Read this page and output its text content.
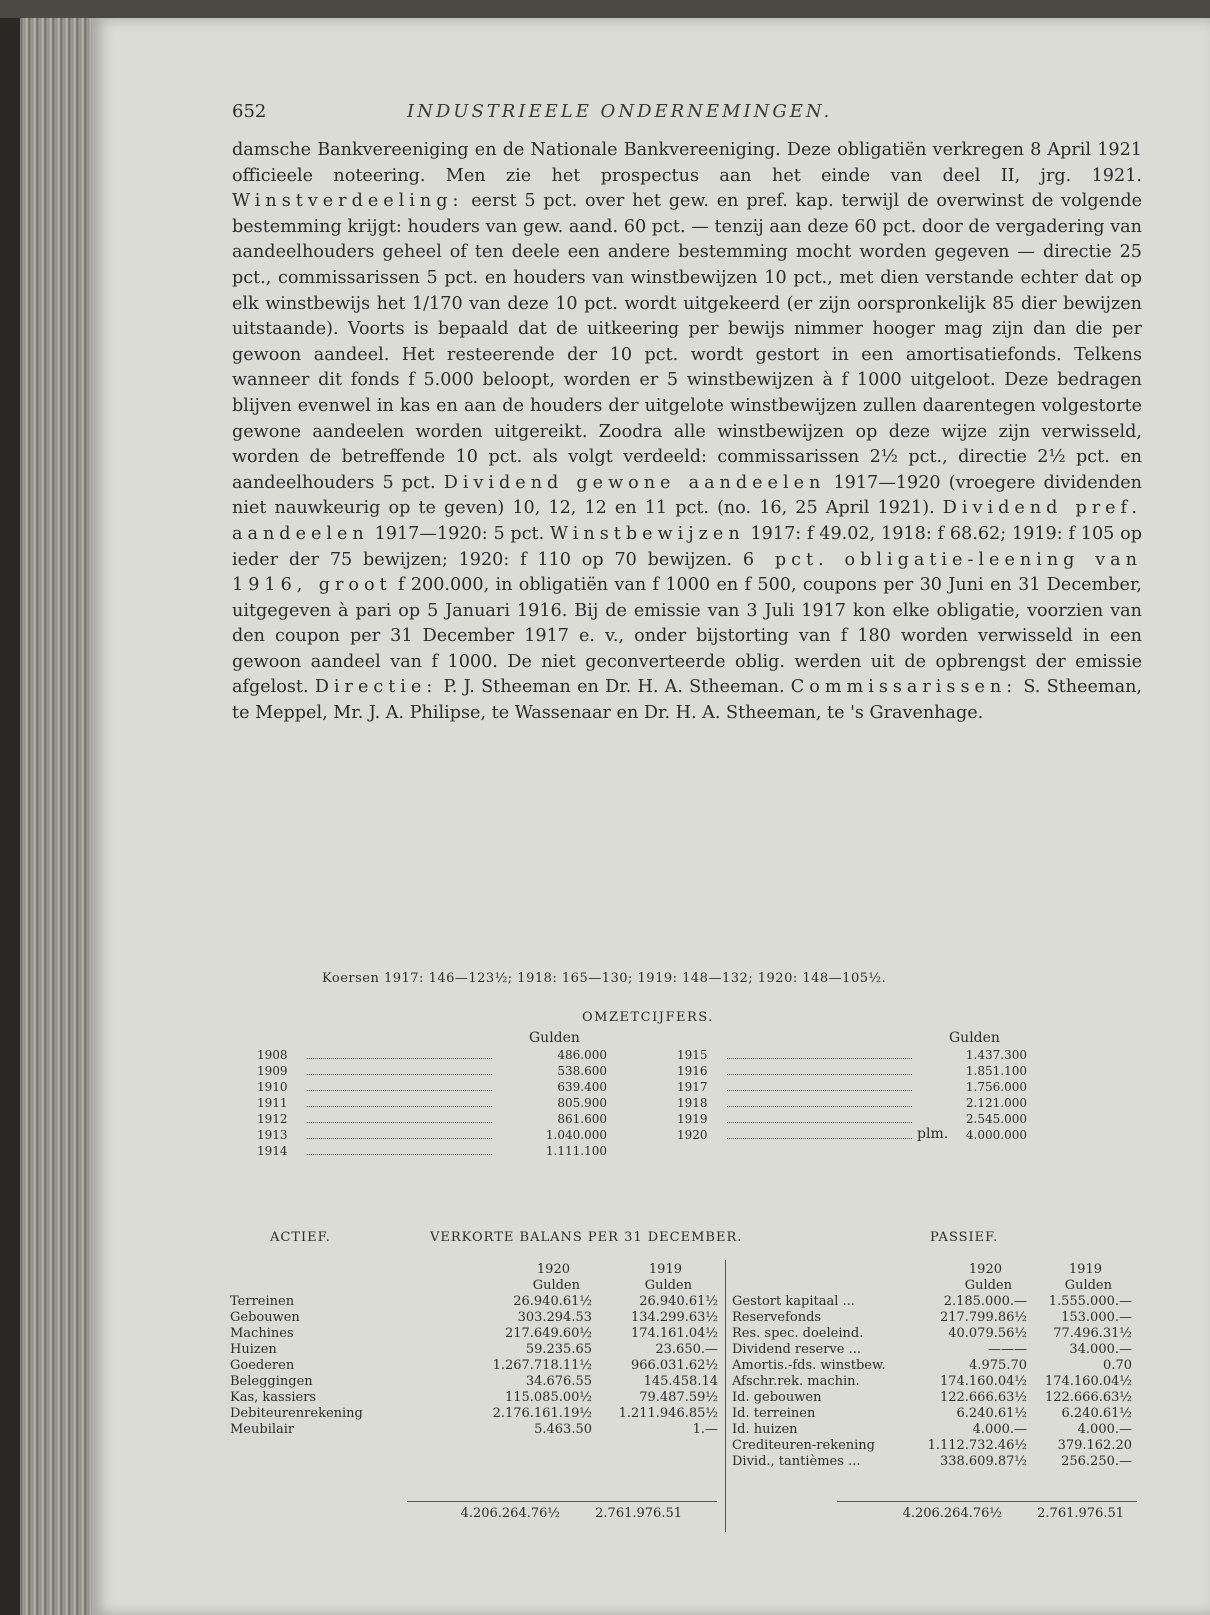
652	INDUSTRIEELE ONDERNEMINGEN.

damsche Bankvereeniging en de Nationale Bankvereeniging. Deze obligatiën verkregen 8 April 1921 officieele noteering. Men zie het prospectus aan het einde van deel II, jrg. 1921. Winstverdeeling: eerst 5 pct. over het gew. en pref. kap. terwijl de overwinst de volgende bestemming krijgt: houders van gew. aand. 60 pct. — tenzij aan deze 60 pct. door de vergadering van aandeelhouders geheel of ten deele een andere bestemming mocht worden gegeven — directie 25 pct., commissarissen 5 pct. en houders van winstbewijzen 10 pct., met dien verstande echter dat op elk winstbewijs het 1/170 van deze 10 pct. wordt uitgekeerd (er zijn oorspronkelijk 85 dier bewijzen uitstaande). Voorts is bepaald dat de uitkeering per bewijs nimmer hooger mag zijn dan die per gewoon aandeel. Het resteerende der 10 pct. wordt gestort in een amortisatiefonds. Telkens wanneer dit fonds f 5.000 beloopt, worden er 5 winstbewijzen à f 1000 uitgeloot. Deze bedragen blijven evenwel in kas en aan de houders der uitgelote winstbewijzen zullen daarentegen volgestorte gewone aandeelen worden uitgereikt. Zoodra alle winstbewijzen op deze wijze zijn verwisseld, worden de betreffende 10 pct. als volgt verdeeld: commissarissen 2½ pct., directie 2½ pct. en aandeelhouders 5 pct. Dividend gewone aandeelen 1917—1920 (vroegere dividenden niet nauwkeurig op te geven) 10, 12, 12 en 11 pct. (no. 16, 25 April 1921). Dividend pref. aandeelen 1917—1920: 5 pct. Winstbewijzen 1917: f 49.02, 1918: f 68.62; 1919: f 105 op ieder der 75 bewijzen; 1920: f 110 op 70 bewijzen. 6 pct. obligatie-leening van 1916, groot f 200.000, in obligatiën van f 1000 en f 500, coupons per 30 Juni en 31 December, uitgegeven à pari op 5 Januari 1916. Bij de emissie van 3 Juli 1917 kon elke obligatie, voorzien van den coupon per 31 December 1917 e. v., onder bijstorting van f 180 worden verwisseld in een gewoon aandeel van f 1000. De niet geconverteerde oblig. werden uit de opbrengst der emissie afgelost. Directie: P. J. Stheeman en Dr. H. A. Stheeman. Commissarissen: S. Stheeman, te Meppel, Mr. J. A. Philipse, te Wassenaar en Dr. H. A. Stheeman, te 's Gravenhage.

Koersen 1917: 146—123½; 1918: 165—130; 1919: 148—132; 1920: 148—105½.
OMZETCIJFERS.
Gulden
1908	486.000
1909	538.600
1910	639.400
1911	805.900
1912	861.600
1913	1.040.000
1914	1.111.100
Gulden
1915	1.437.300
1916	1.851.100
1917	1.756.000
1918	2.121.000
1919	2.545.000
1920	plm.	4.000.000
ACTIEF.	VERKORTE BALANS PER 31 DECEMBER.	PASSIEF.
1920	1919
Gulden	Gulden
Terreinen	26.940.61½	26.940.61½
Gebouwen	303.294.53	134.299.63½
Machines	217.649.60½	174.161.04½
Huizen	59.235.65	23.650.—
Goederen	1.267.718.11½	966.031.62½
Beleggingen	34.676.55	145.458.14
Kas, kassiers	115.085.00½	79.487.59½
Debiteurenrekening	2.176.161.19½ 1.211.946.85½
Meubilair	5.463.50	1.—
1920	1919
Gulden	Gulden
Gestort kapitaal ...	2.185.000.— 1.555.000.—
Reservefonds	217.799.86½	153.000.—
Res. spec. doeleind.	40.079.56½ 77.496.31½
Dividend reserve ...	———	34.000.—
Amortis.-fds. winstbew.	4.975.70	0.70
Afschr.rek. machin.	174.160.04½ 174.160.04½
Id. gebouwen	122.666.63½ 122.666.63½
Id. terreinen	6.240.61½	6.240.61½
Id. huizen	4.000.—	4.000.—
Crediteuren-rekening	1.112.732.46½ 379.162.20
Divid., tantièmes ...	338.609.87½	256.250.—
4.206.264.76½	2.761.976.51	4.206.264.76½	2.761.976.51
